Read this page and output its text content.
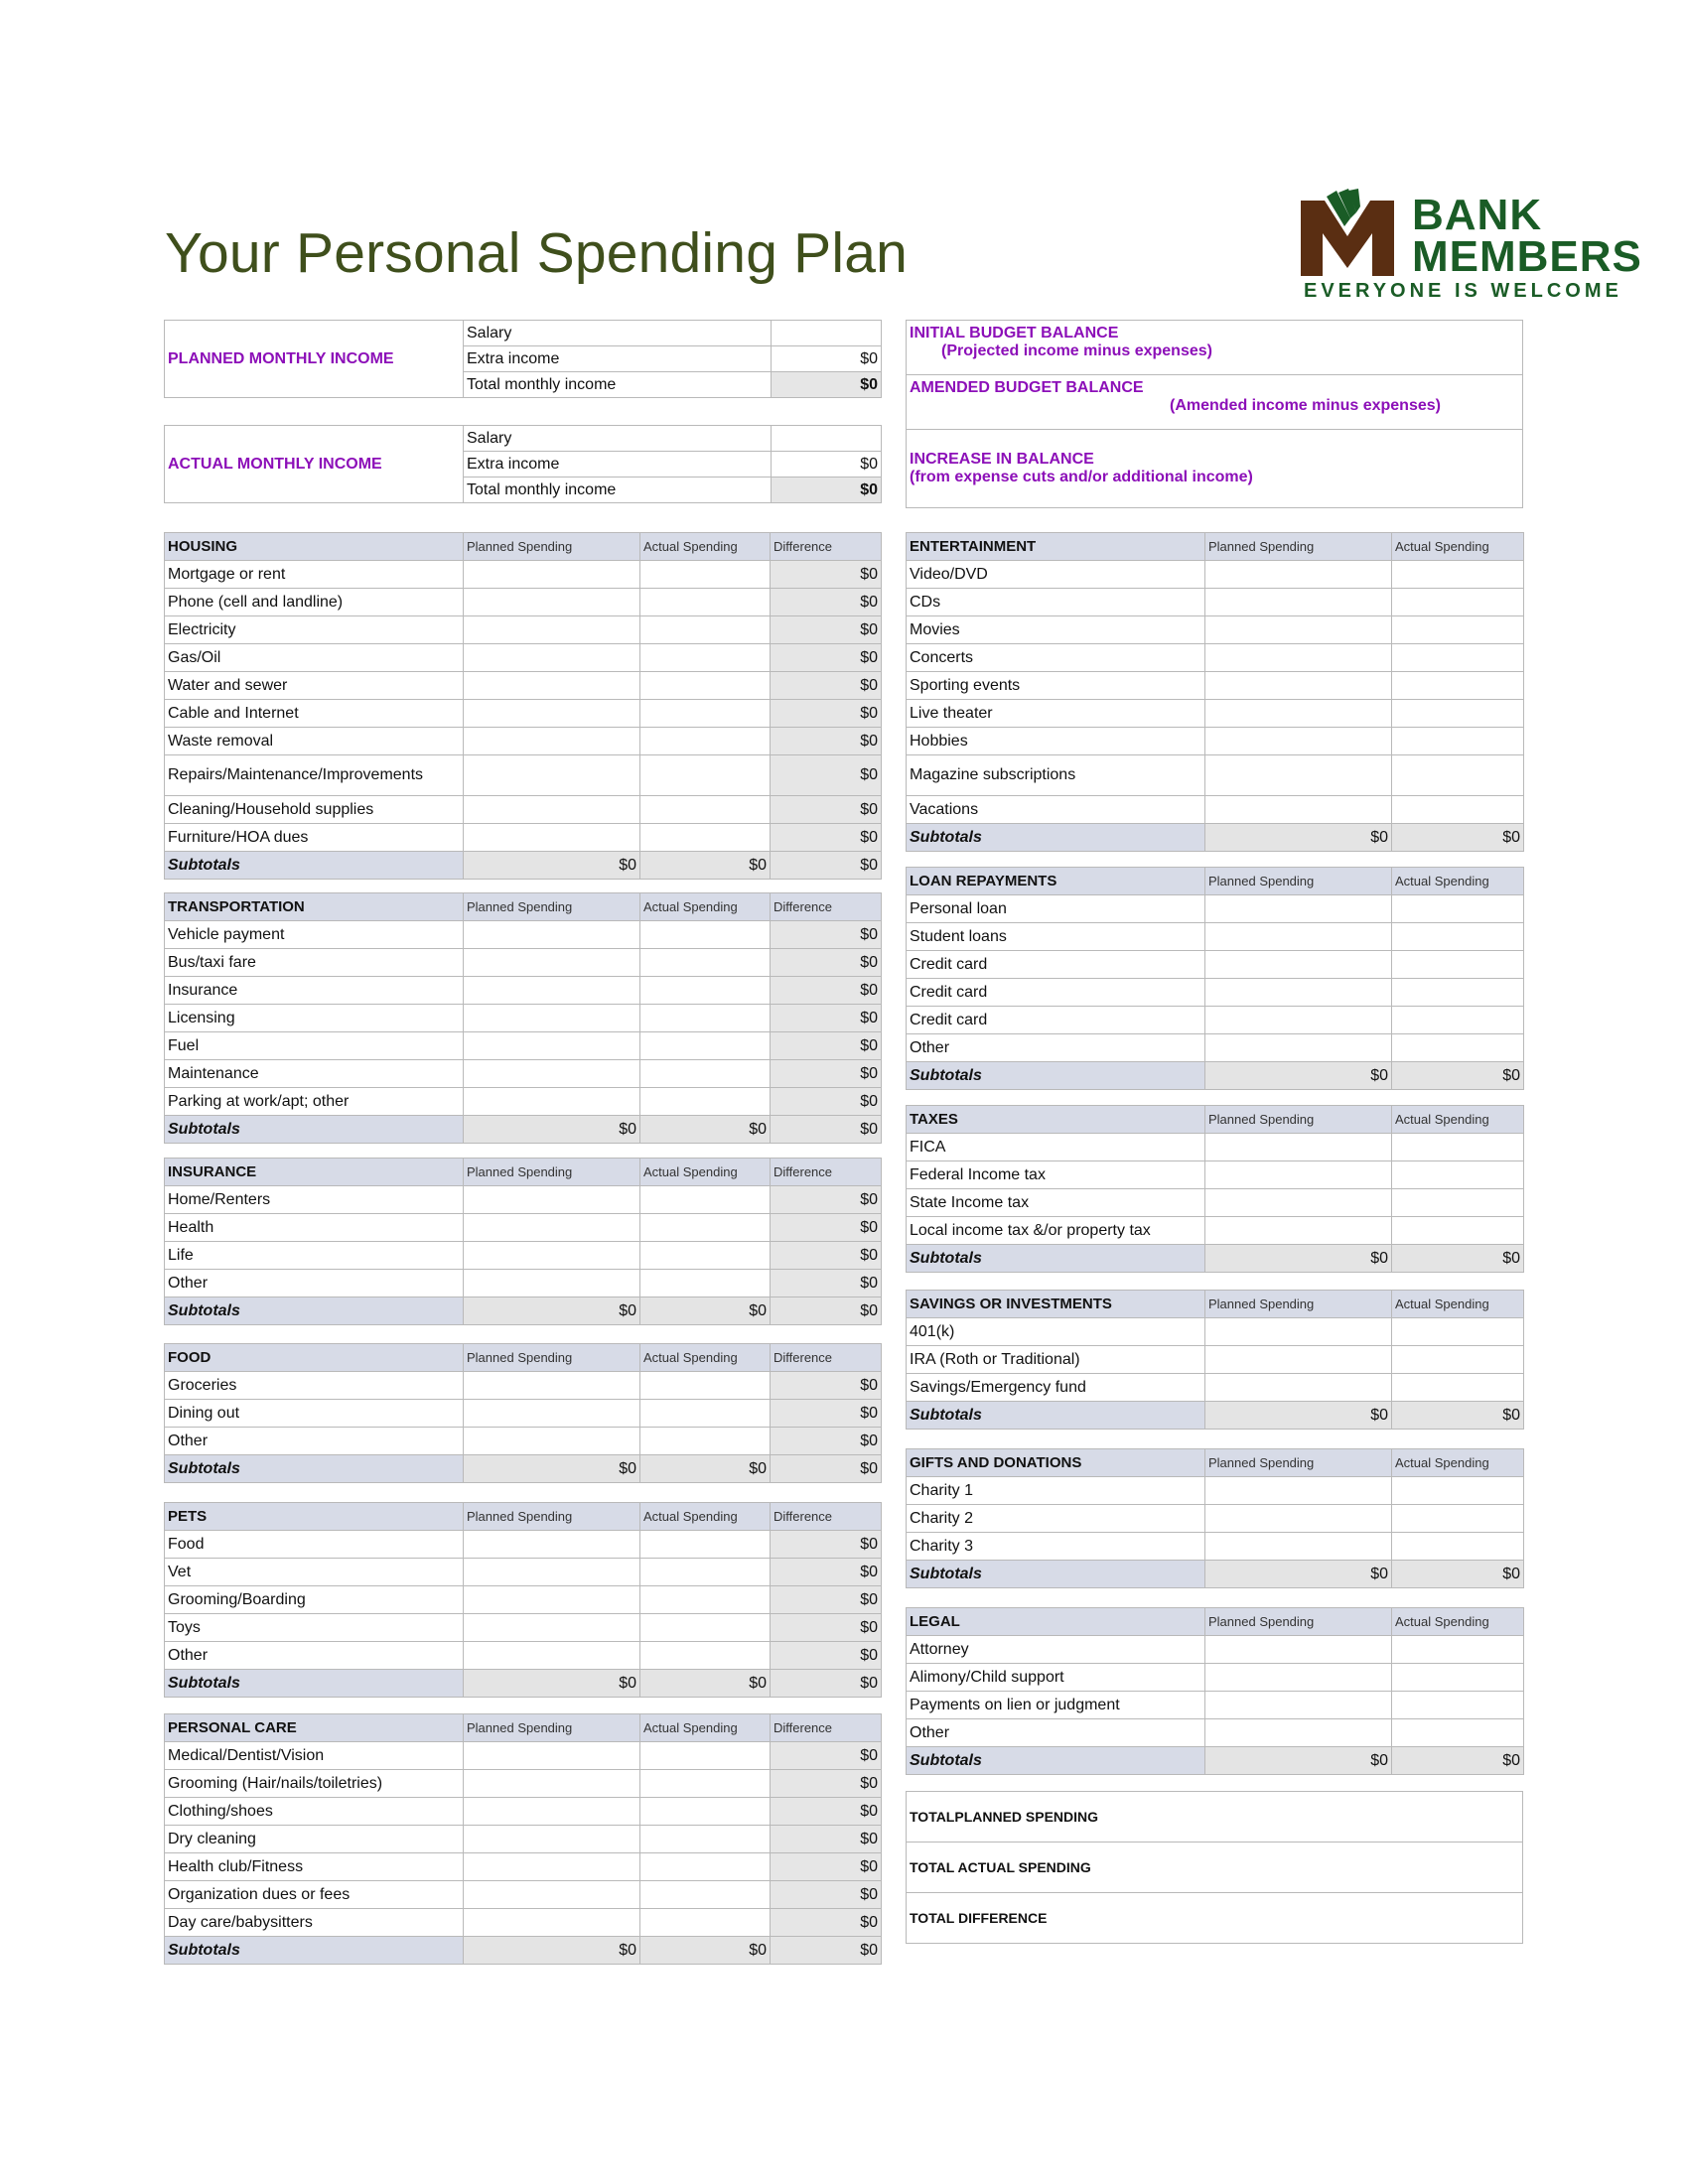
Your Personal Spending Plan
BANK
MEMBERS
EVERYONE IS WELCOME
PLANNED MONTHLY INCOME	Salary	
	Extra income	$0
	Total monthly income	$0
ACTUAL MONTHLY INCOME	Salary	
	Extra income	$0
	Total monthly income	$0
INITIAL BUDGET BALANCE
(Projected income minus expenses)

AMENDED BUDGET BALANCE
(Amended income minus expenses)

INCREASE IN BALANCE
(from expense cuts and/or additional income)
HOUSING	Planned Spending	Actual Spending	Difference
Mortgage or rent			$0
Phone (cell and landline)			$0
Electricity			$0
Gas/Oil			$0
Water and sewer			$0
Cable and Internet			$0
Waste removal			$0
Repairs/Maintenance/Improvements			$0
Cleaning/Household supplies			$0
Furniture/HOA dues			$0
Subtotals	$0	$0	$0
TRANSPORTATION	Planned Spending	Actual Spending	Difference
Vehicle payment			$0
Bus/taxi fare			$0
Insurance			$0
Licensing			$0
Fuel			$0
Maintenance			$0
Parking at work/apt; other			$0
Subtotals	$0	$0	$0
INSURANCE	Planned Spending	Actual Spending	Difference
Home/Renters			$0
Health			$0
Life			$0
Other			$0
Subtotals	$0	$0	$0
FOOD	Planned Spending	Actual Spending	Difference
Groceries			$0
Dining out			$0
Other			$0
Subtotals	$0	$0	$0
PETS	Planned Spending	Actual Spending	Difference
Food			$0
Vet			$0
Grooming/Boarding			$0
Toys			$0
Other			$0
Subtotals	$0	$0	$0
PERSONAL CARE	Planned Spending	Actual Spending	Difference
Medical/Dentist/Vision			$0
Grooming (Hair/nails/toiletries)			$0
Clothing/shoes			$0
Dry cleaning			$0
Health club/Fitness			$0
Organization dues or fees			$0
Day care/babysitters			$0
Subtotals	$0	$0	$0
ENTERTAINMENT	Planned Spending	Actual Spending
Video/DVD		
CDs		
Movies		
Concerts		
Sporting events		
Live theater		
Hobbies		
Magazine subscriptions		
Vacations		
Subtotals	$0	$0
LOAN REPAYMENTS	Planned Spending	Actual Spending
Personal loan		
Student loans		
Credit card		
Credit card		
Credit card		
Other		
Subtotals	$0	$0
TAXES	Planned Spending	Actual Spending
FICA		
Federal Income tax		
State Income tax		
Local income tax &/or property tax		
Subtotals	$0	$0
SAVINGS OR INVESTMENTS	Planned Spending	Actual Spending
401(k)		
IRA (Roth or Traditional)		
Savings/Emergency fund		
Subtotals	$0	$0
GIFTS AND DONATIONS	Planned Spending	Actual Spending
Charity 1		
Charity 2		
Charity 3		
Subtotals	$0	$0
LEGAL	Planned Spending	Actual Spending
Attorney		
Alimony/Child support		
Payments on lien or judgment		
Other		
Subtotals	$0	$0
TOTALPLANNED SPENDING
TOTAL ACTUAL SPENDING
TOTAL DIFFERENCE
